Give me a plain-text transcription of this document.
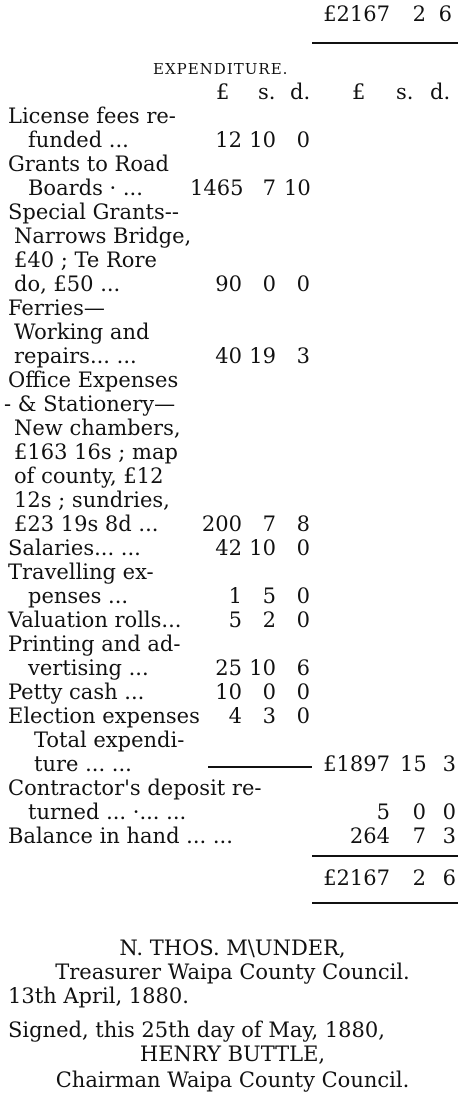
£2167	2 6
EXPENDITURE.
£ s. d. £ s. d.
License fees re-
funded ...	12 10 0
Grants to Road
Boards · ... 1465 7 10
Special Grants--
Narrows Bridge,
£40 ; Te Rore
do, £50 ...	90 0 0
Ferries—
Working and
repairs... ...	40 19 3
Office Expenses
- & Stationery—
New chambers,
£163 16s ; map
of county, £12
12s ; sundries,
£23 19s 8d ...	200 7 8
Salaries... ...	42 10 0
Travelling ex-
penses ...	1 5 0
Valuation rolls...	5 2 0
Printing and ad-
vertising ...	25 10 6
Petty cash ...	10 0 0
Election expenses	4 3 0
Total expendi-
ture ... ...	£1897 15 3
Contractor's deposit re-
turned ... ·... ...	5	0 0
Balance in hand ... ...	264	7 3
£2167	2 6
N. THOS. M\UNDER,
Treasurer Waipa County Council.
13th April, 1880.
Signed, this 25th day of May, 1880,
HENRY BUTTLE,
Chairman Waipa County Council.
